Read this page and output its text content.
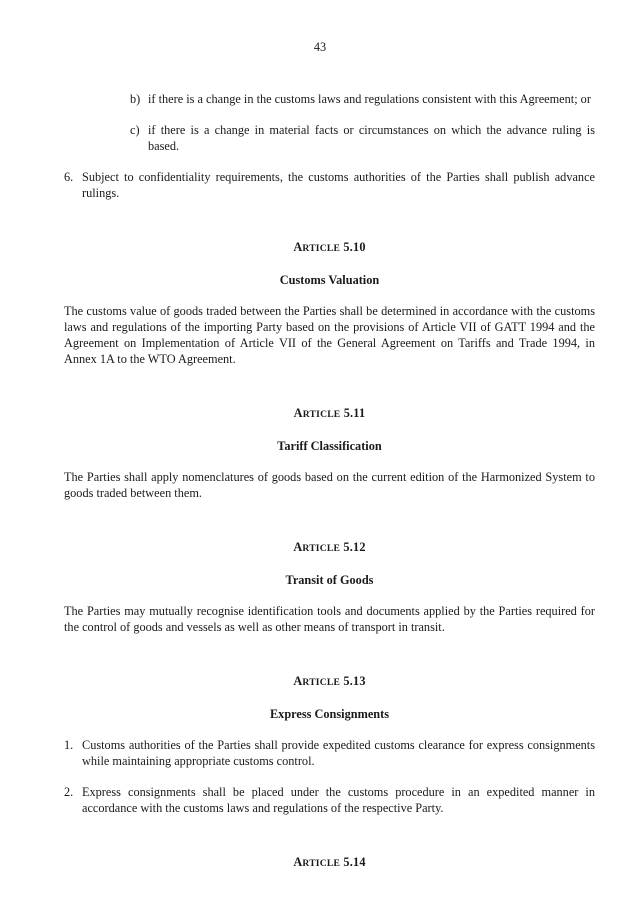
43
b) if there is a change in the customs laws and regulations consistent with this Agreement; or

c) if there is a change in material facts or circumstances on which the advance ruling is based.

6. Subject to confidentiality requirements, the customs authorities of the Parties shall publish advance rulings.

ARTICLE 5.10
Customs Valuation

The customs value of goods traded between the Parties shall be determined in accordance with the customs laws and regulations of the importing Party based on the provisions of Article VII of GATT 1994 and the Agreement on Implementation of Article VII of the General Agreement on Tariffs and Trade 1994, in Annex 1A to the WTO Agreement.

ARTICLE 5.11
Tariff Classification

The Parties shall apply nomenclatures of goods based on the current edition of the Harmonized System to goods traded between them.

ARTICLE 5.12
Transit of Goods

The Parties may mutually recognise identification tools and documents applied by the Parties required for the control of goods and vessels as well as other means of transport in transit.

ARTICLE 5.13
Express Consignments
1. Customs authorities of the Parties shall provide expedited customs clearance for express consignments while maintaining appropriate customs control.

2. Express consignments shall be placed under the customs procedure in an expedited manner in accordance with the customs laws and regulations of the respective Party.

ARTICLE 5.14
